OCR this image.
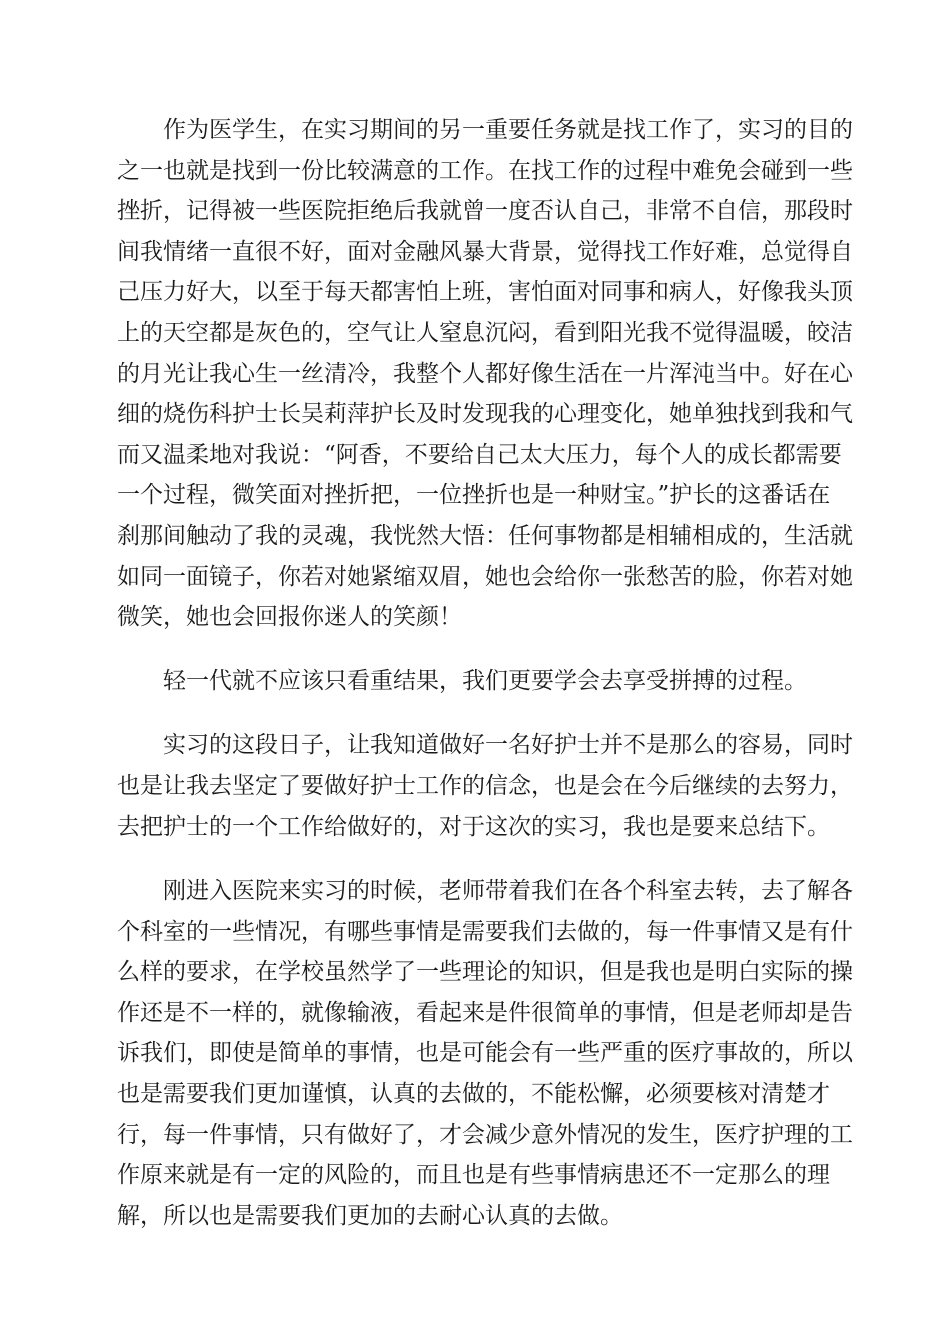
作为医学生，在实习期间的另一重要任务就是找工作了，实习的目的
之一也就是找到一份比较满意的工作。在找工作的过程中难免会碰到一些
挫折，记得被一些医院拒绝后我就曾一度否认自己，非常不自信，那段时
间我情绪一直很不好，面对金融风暴大背景，觉得找工作好难，总觉得自
己压力好大，以至于每天都害怕上班，害怕面对同事和病人，好像我头顶
上的天空都是灰色的，空气让人窒息沉闷，看到阳光我不觉得温暖，皎洁
的月光让我心生一丝清冷，我整个人都好像生活在一片浑沌当中。好在心
细的烧伤科护士长吴莉萍护长及时发现我的心理变化，她单独找到我和气
而又温柔地对我说：“阿香，不要给自己太大压力，每个人的成长都需要
一个过程，微笑面对挫折把，一位挫折也是一种财宝。”护长的这番话在
刹那间触动了我的灵魂，我恍然大悟：任何事物都是相辅相成的，生活就
如同一面镜子，你若对她紧缩双眉，她也会给你一张愁苦的脸，你若对她
微笑，她也会回报你迷人的笑颜！
轻一代就不应该只看重结果，我们更要学会去享受拼搏的过程。
实习的这段日子，让我知道做好一名好护士并不是那么的容易，同时
也是让我去坚定了要做好护士工作的信念，也是会在今后继续的去努力，
去把护士的一个工作给做好的，对于这次的实习，我也是要来总结下。
刚进入医院来实习的时候，老师带着我们在各个科室去转，去了解各
个科室的一些情况，有哪些事情是需要我们去做的，每一件事情又是有什
么样的要求，在学校虽然学了一些理论的知识，但是我也是明白实际的操
作还是不一样的，就像输液，看起来是件很简单的事情，但是老师却是告
诉我们，即使是简单的事情，也是可能会有一些严重的医疗事故的，所以
也是需要我们更加谨慎，认真的去做的，不能松懈，必须要核对清楚才
行，每一件事情，只有做好了，才会减少意外情况的发生，医疗护理的工
作原来就是有一定的风险的，而且也是有些事情病患还不一定那么的理
解，所以也是需要我们更加的去耐心认真的去做。
